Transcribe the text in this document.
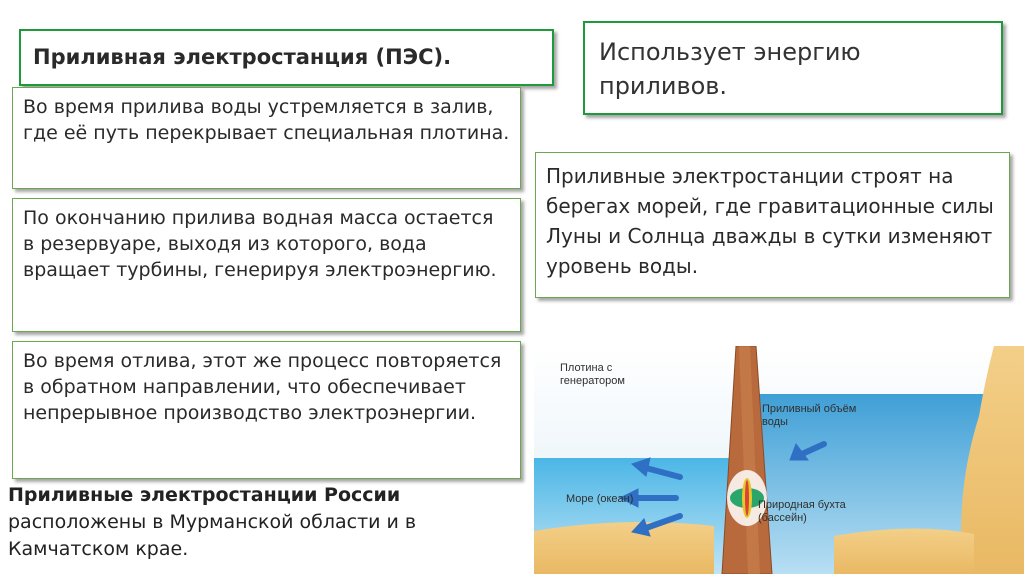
Приливная электростанция (ПЭС).	Использует энергию приливов.
Во время прилива воды устремляется в залив, где её путь перекрывает специальная плотина.
По окончанию прилива водная масса остается в резервуаре, выходя из которого, вода вращает турбины, генерируя электроэнергию.
Во время отлива, этот же процесс повторяется в обратном направлении, что обеспечивает непрерывное производство электроэнергии.
Приливные электростанции строят на берегах морей, где гравитационные силы Луны и Солнца дважды в сутки изменяют уровень воды.
Приливные электростанции России
расположены в Мурманской области и в Камчатском крае.
Плотина с
генератором
Приливный объём
воды
Море (океан)	Природная бухта
(бассейн)
